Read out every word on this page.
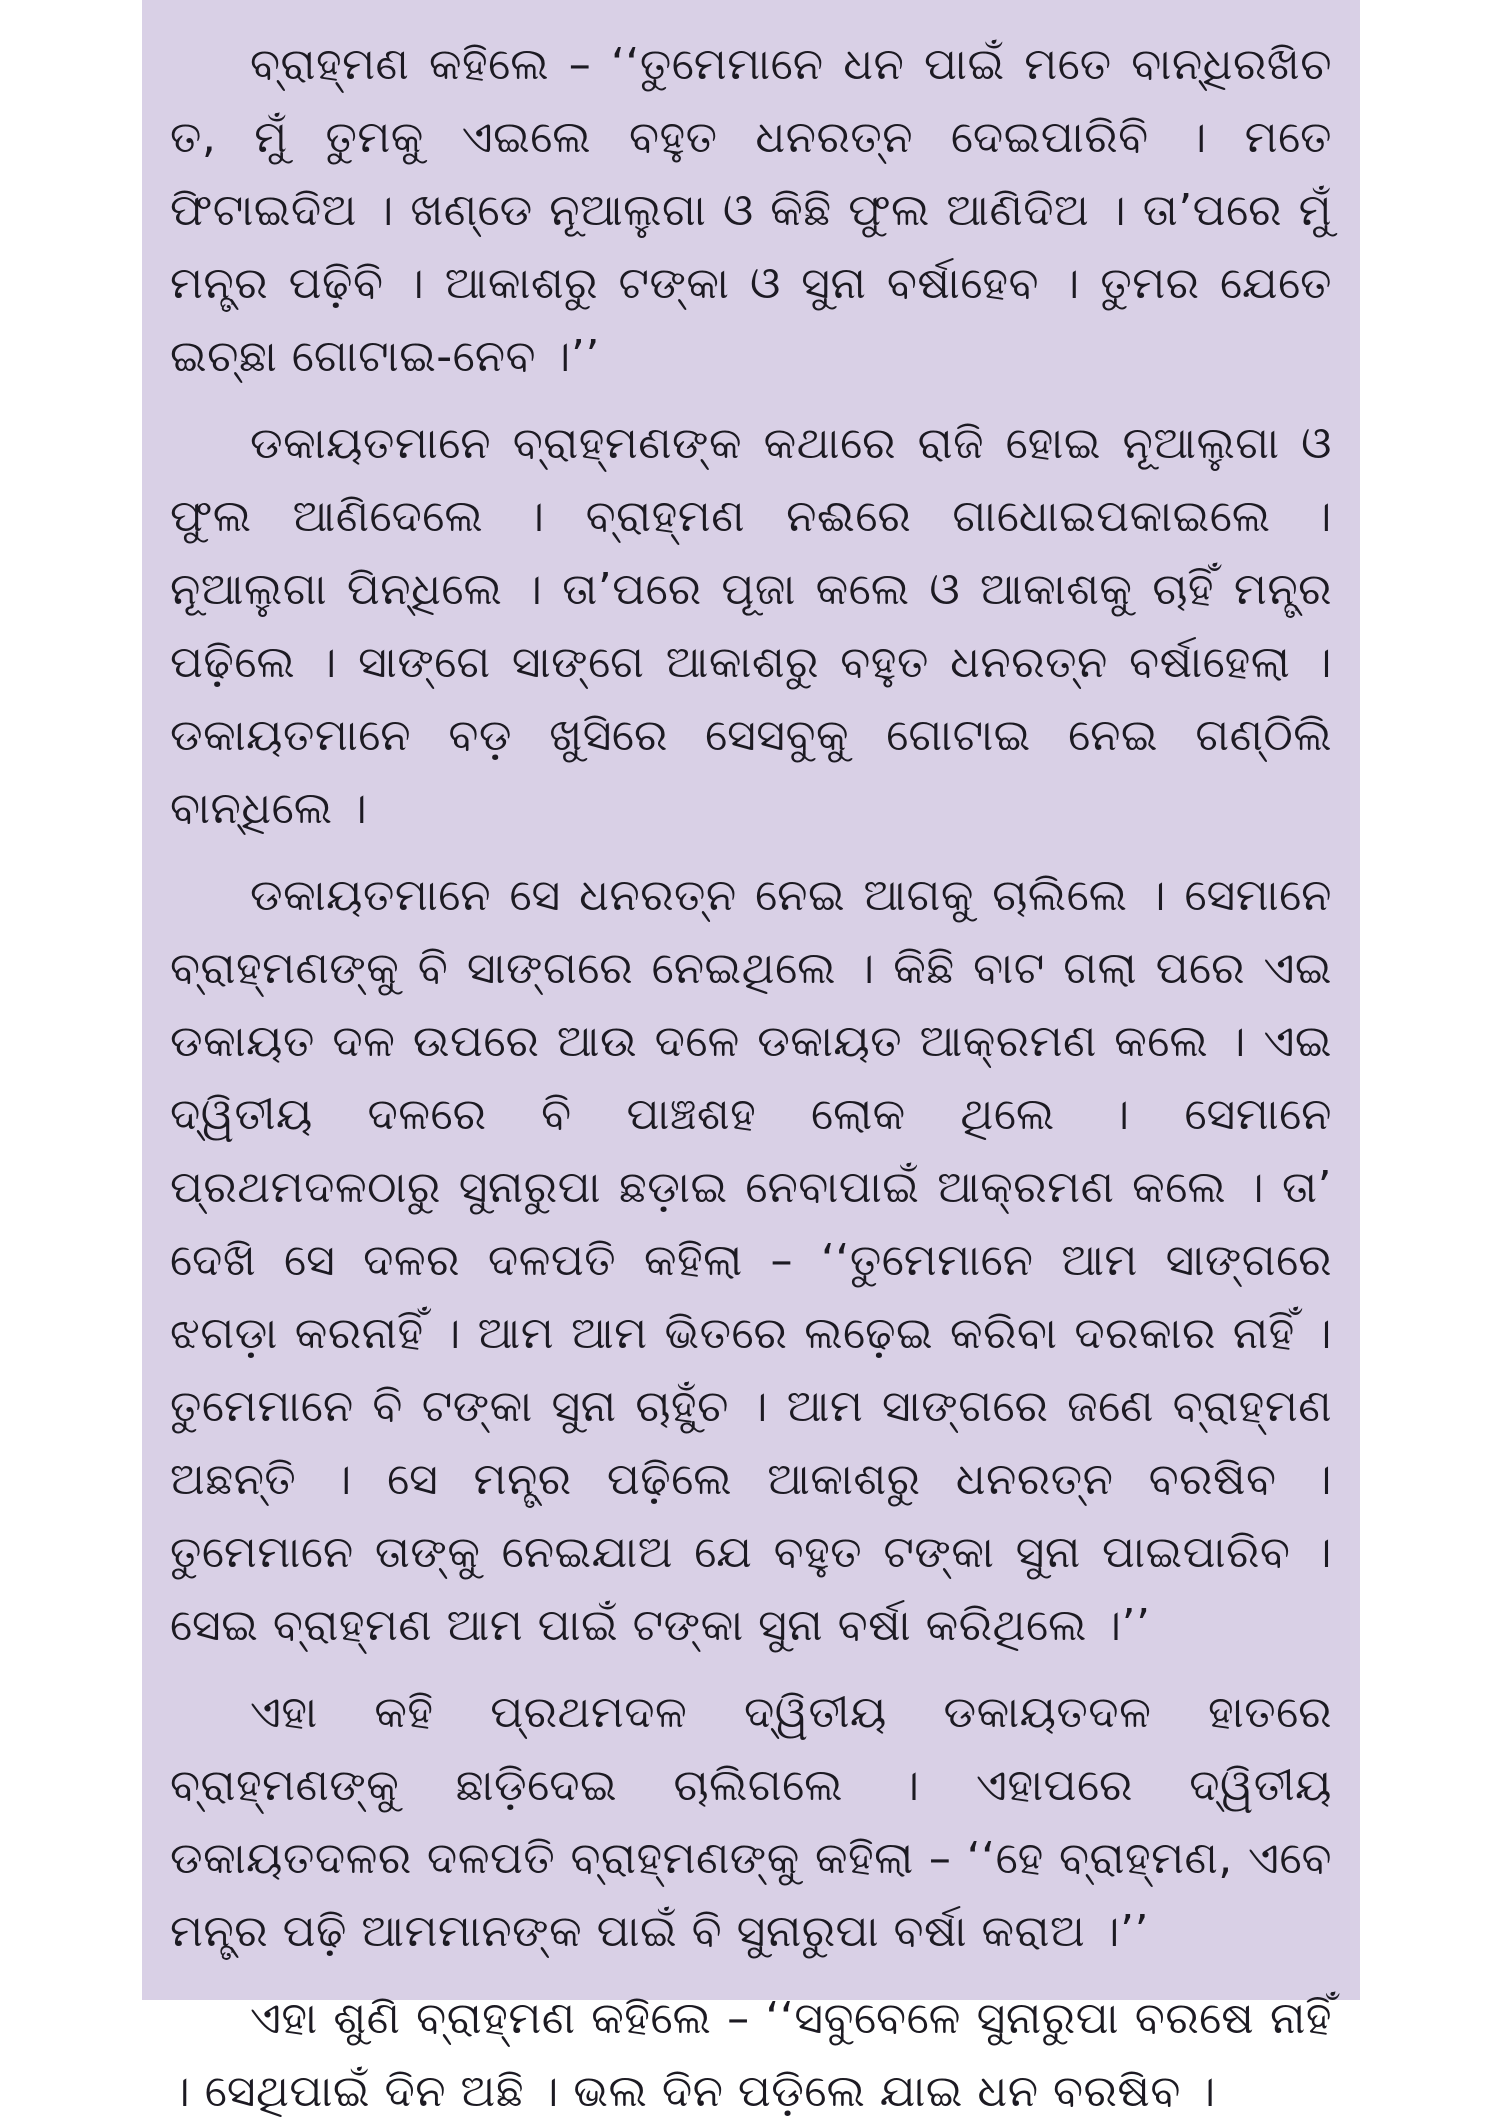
ବ୍ରାହ୍ମଣ କହିଲେ – ‘‘ତୁମେମାନେ ଧନ ପାଇଁ ମତେ ବାନ୍ଧିରଖିଚ ତ, ମୁଁ ତୁମକୁ ଏଇଲେ ବହୁତ ଧନରତ୍ନ ଦେଇପାରିବି । ମତେ ଫିଟାଇଦିଅ । ଖଣ୍ଡେ ନୂଆଲୁଗା ଓ କିଛି ଫୁଲ ଆଣିଦିଅ । ତା’ପରେ ମୁଁ ମନ୍ତ୍ର ପଢ଼ିବି । ଆକାଶରୁ ଟଙ୍କା ଓ ସୁନା ବର୍ଷାହେବ । ତୁମର ଯେତେ ଇଚ୍ଛା ଗୋଟାଇ-ନେବ ।’’

ଡକାୟତମାନେ ବ୍ରାହ୍ମଣଙ୍କ କଥାରେ ରାଜି ହୋଇ ନୂଆଲୁଗା ଓ ଫୁଲ ଆଣିଦେଲେ । ବ୍ରାହ୍ମଣ ନଈରେ ଗାଧୋଇପକାଇଲେ । ନୂଆଲୁଗା ପିନ୍ଧିଲେ । ତା’ପରେ ପୂଜା କଲେ ଓ ଆକାଶକୁ ଚାହିଁ ମନ୍ତ୍ର ପଢ଼ିଲେ । ସାଙ୍ଗେ ସାଙ୍ଗେ ଆକାଶରୁ ବହୁତ ଧନରତ୍ନ ବର୍ଷାହେଲା । ଡକାୟତମାନେ ବଡ଼ ଖୁସିରେ ସେସବୁକୁ ଗୋଟାଇ ନେଇ ଗଣ୍ଠିଲି ବାନ୍ଧିଲେ ।

ଡକାୟତମାନେ ସେ ଧନରତ୍ନ ନେଇ ଆଗକୁ ଚାଲିଲେ । ସେମାନେ ବ୍ରାହ୍ମଣଙ୍କୁ ବି ସାଙ୍ଗରେ ନେଇଥିଲେ । କିଛି ବାଟ ଗଲା ପରେ ଏଇ ଡକାୟତ ଦଳ ଉପରେ ଆଉ ଦଳେ ଡକାୟତ ଆକ୍ରମଣ କଲେ । ଏଇ ଦ୍ୱିତୀୟ ଦଳରେ ବି ପାଞ୍ଚଶହ ଲୋକ ଥିଲେ । ସେମାନେ ପ୍ରଥମଦଳଠାରୁ ସୁନାରୁପା ଛଡ଼ାଇ ନେବାପାଇଁ ଆକ୍ରମଣ କଲେ । ତା’ ଦେଖି ସେ ଦଳର ଦଳପତି କହିଲା – ‘‘ତୁମେମାନେ ଆମ ସାଙ୍ଗରେ ଝଗଡ଼ା କରନାହିଁ । ଆମ ଆମ ଭିତରେ ଲଢ଼େଇ କରିବା ଦରକାର ନାହିଁ । ତୁମେମାନେ ବି ଟଙ୍କା ସୁନା ଚାହୁଁଚ । ଆମ ସାଙ୍ଗରେ ଜଣେ ବ୍ରାହ୍ମଣ ଅଛନ୍ତି । ସେ ମନ୍ତ୍ର ପଢ଼ିଲେ ଆକାଶରୁ ଧନରତ୍ନ ବରଷିବ । ତୁମେମାନେ ତାଙ୍କୁ ନେଇଯାଅ ଯେ ବହୁତ ଟଙ୍କା ସୁନା ପାଇପାରିବ । ସେଇ ବ୍ରାହ୍ମଣ ଆମ ପାଇଁ ଟଙ୍କା ସୁନା ବର୍ଷା କରିଥିଲେ ।’’

ଏହା କହି ପ୍ରଥମଦଳ ଦ୍ୱିତୀୟ ଡକାୟତଦଳ ହାତରେ ବ୍ରାହ୍ମଣଙ୍କୁ ଛାଡ଼ିଦେଇ ଚାଲିଗଲେ । ଏହାପରେ ଦ୍ୱିତୀୟ ଡକାୟତଦଳର ଦଳପତି ବ୍ରାହ୍ମଣଙ୍କୁ କହିଲା – ‘‘ହେ ବ୍ରାହ୍ମଣ, ଏବେ ମନ୍ତ୍ର ପଢ଼ି ଆମମାନଙ୍କ ପାଇଁ ବି ସୁନାରୁପା ବର୍ଷା କରାଅ ।’’

ଏହା ଶୁଣି ବ୍ରାହ୍ମଣ କହିଲେ – ‘‘ସବୁବେଳେ ସୁନାରୁପା ବରଷେ ନାହିଁ । ସେଥିପାଇଁ ଦିନ ଅଛି । ଭଲ ଦିନ ପଡ଼ିଲେ ଯାଇ ଧନ ବରଷିବ ।
